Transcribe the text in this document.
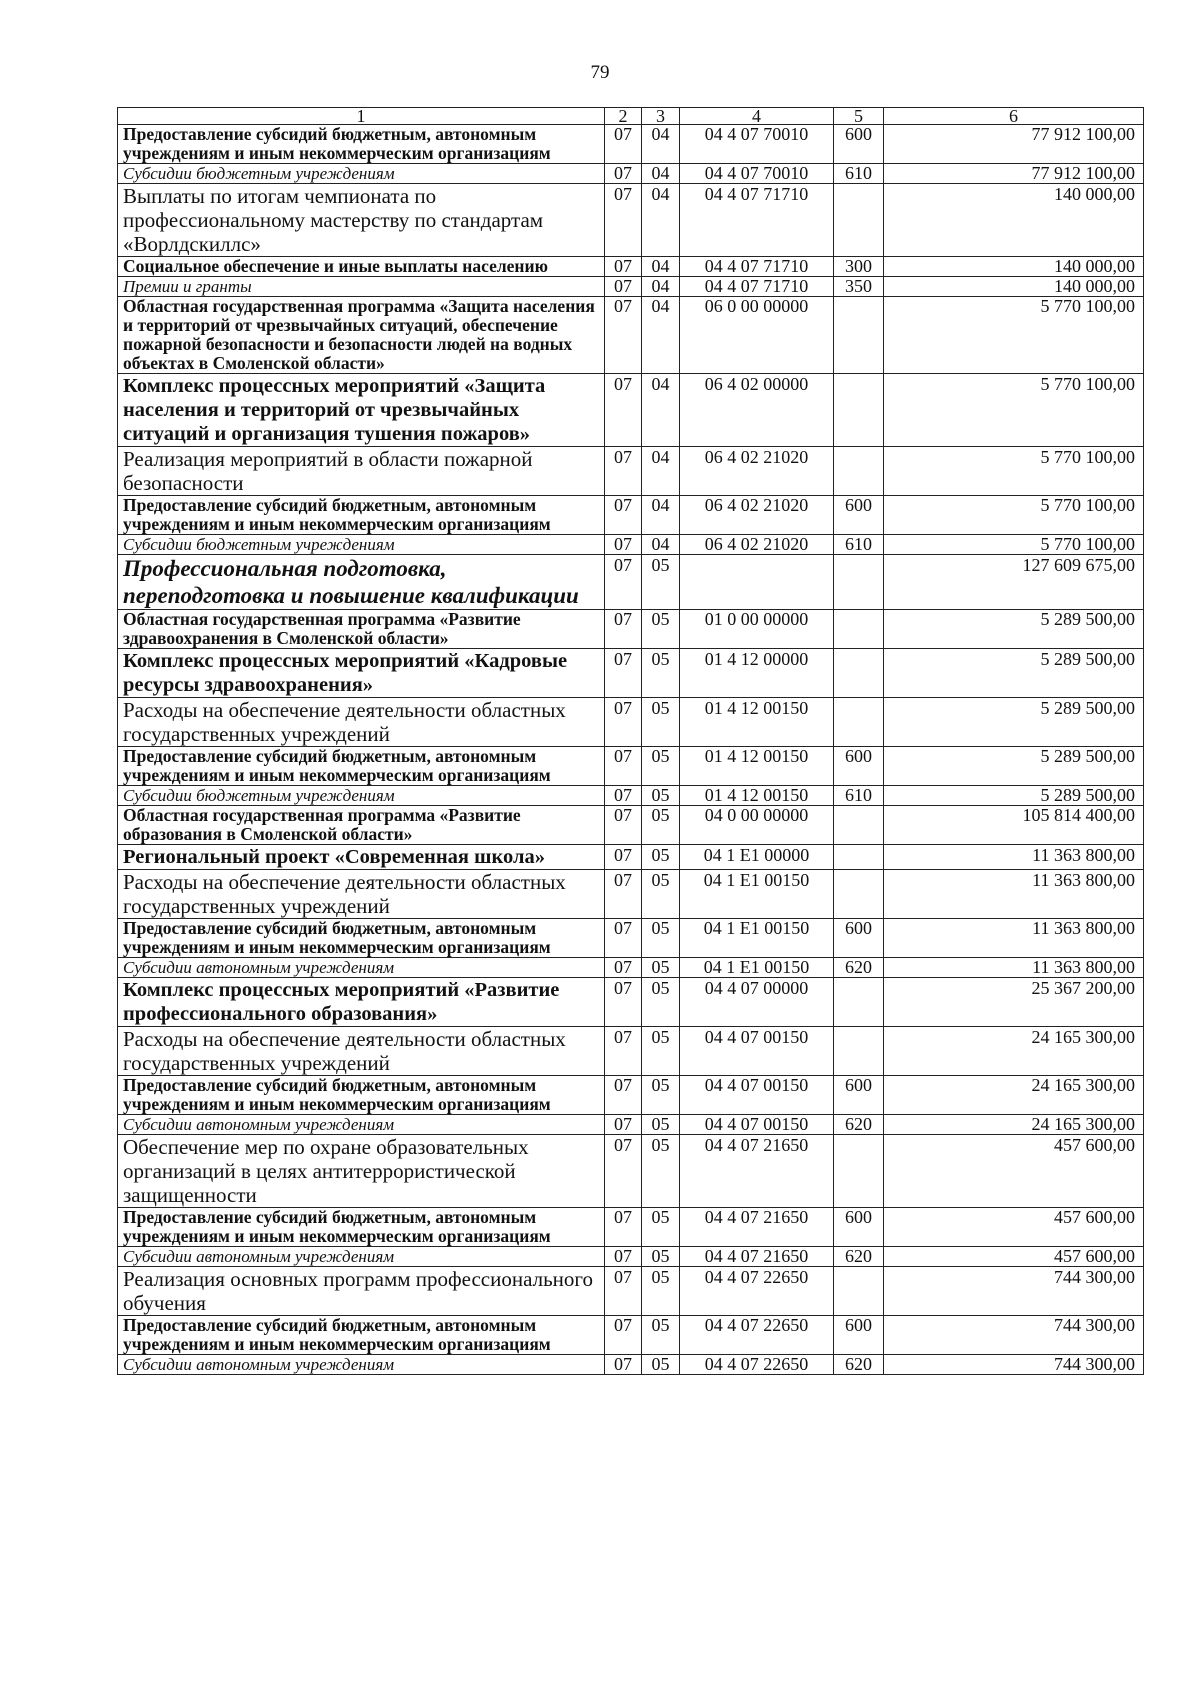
79
1	2	3	4	5	6
Предоставление субсидий бюджетным, автономным учреждениям и иным некоммерческим организациям	07	04	04 4 07 70010	600	77 912 100,00
Субсидии бюджетным учреждениям	07	04	04 4 07 70010	610	77 912 100,00
Выплаты по итогам чемпионата по профессиональному мастерству по стандартам «Ворлдскиллс»	07	04	04 4 07 71710		140 000,00
Социальное обеспечение и иные выплаты населению	07	04	04 4 07 71710	300	140 000,00
Премии и гранты	07	04	04 4 07 71710	350	140 000,00
Областная государственная программа «Защита населения и территорий от чрезвычайных ситуаций, обеспечение пожарной безопасности и безопасности людей на водных объектах в Смоленской области»	07	04	06 0 00 00000		5 770 100,00
Комплекс процессных мероприятий «Защита населения и территорий от чрезвычайных ситуаций и организация тушения пожаров»	07	04	06 4 02 00000		5 770 100,00
Реализация мероприятий в области пожарной безопасности	07	04	06 4 02 21020		5 770 100,00
Предоставление субсидий бюджетным, автономным учреждениям и иным некоммерческим организациям	07	04	06 4 02 21020	600	5 770 100,00
Субсидии бюджетным учреждениям	07	04	06 4 02 21020	610	5 770 100,00
Профессиональная подготовка, переподготовка и повышение квалификации	07	05			127 609 675,00
Областная государственная программа «Развитие здравоохранения в Смоленской области»	07	05	01 0 00 00000		5 289 500,00
Комплекс процессных мероприятий «Кадровые ресурсы здравоохранения»	07	05	01 4 12 00000		5 289 500,00
Расходы на обеспечение деятельности областных государственных учреждений	07	05	01 4 12 00150		5 289 500,00
Предоставление субсидий бюджетным, автономным учреждениям и иным некоммерческим организациям	07	05	01 4 12 00150	600	5 289 500,00
Субсидии бюджетным учреждениям	07	05	01 4 12 00150	610	5 289 500,00
Областная государственная программа «Развитие образования в Смоленской области»	07	05	04 0 00 00000		105 814 400,00
Региональный проект «Современная школа»	07	05	04 1 E1 00000		11 363 800,00
Расходы на обеспечение деятельности областных государственных учреждений	07	05	04 1 E1 00150		11 363 800,00
Предоставление субсидий бюджетным, автономным учреждениям и иным некоммерческим организациям	07	05	04 1 E1 00150	600	11 363 800,00
Субсидии автономным учреждениям	07	05	04 1 E1 00150	620	11 363 800,00
Комплекс процессных мероприятий «Развитие профессионального образования»	07	05	04 4 07 00000		25 367 200,00
Расходы на обеспечение деятельности областных государственных учреждений	07	05	04 4 07 00150		24 165 300,00
Предоставление субсидий бюджетным, автономным учреждениям и иным некоммерческим организациям	07	05	04 4 07 00150	600	24 165 300,00
Субсидии автономным учреждениям	07	05	04 4 07 00150	620	24 165 300,00
Обеспечение мер по охране образовательных организаций в целях антитеррористической защищенности	07	05	04 4 07 21650		457 600,00
Предоставление субсидий бюджетным, автономным учреждениям и иным некоммерческим организациям	07	05	04 4 07 21650	600	457 600,00
Субсидии автономным учреждениям	07	05	04 4 07 21650	620	457 600,00
Реализация основных программ профессионального обучения	07	05	04 4 07 22650		744 300,00
Предоставление субсидий бюджетным, автономным учреждениям и иным некоммерческим организациям	07	05	04 4 07 22650	600	744 300,00
Субсидии автономным учреждениям	07	05	04 4 07 22650	620	744 300,00
